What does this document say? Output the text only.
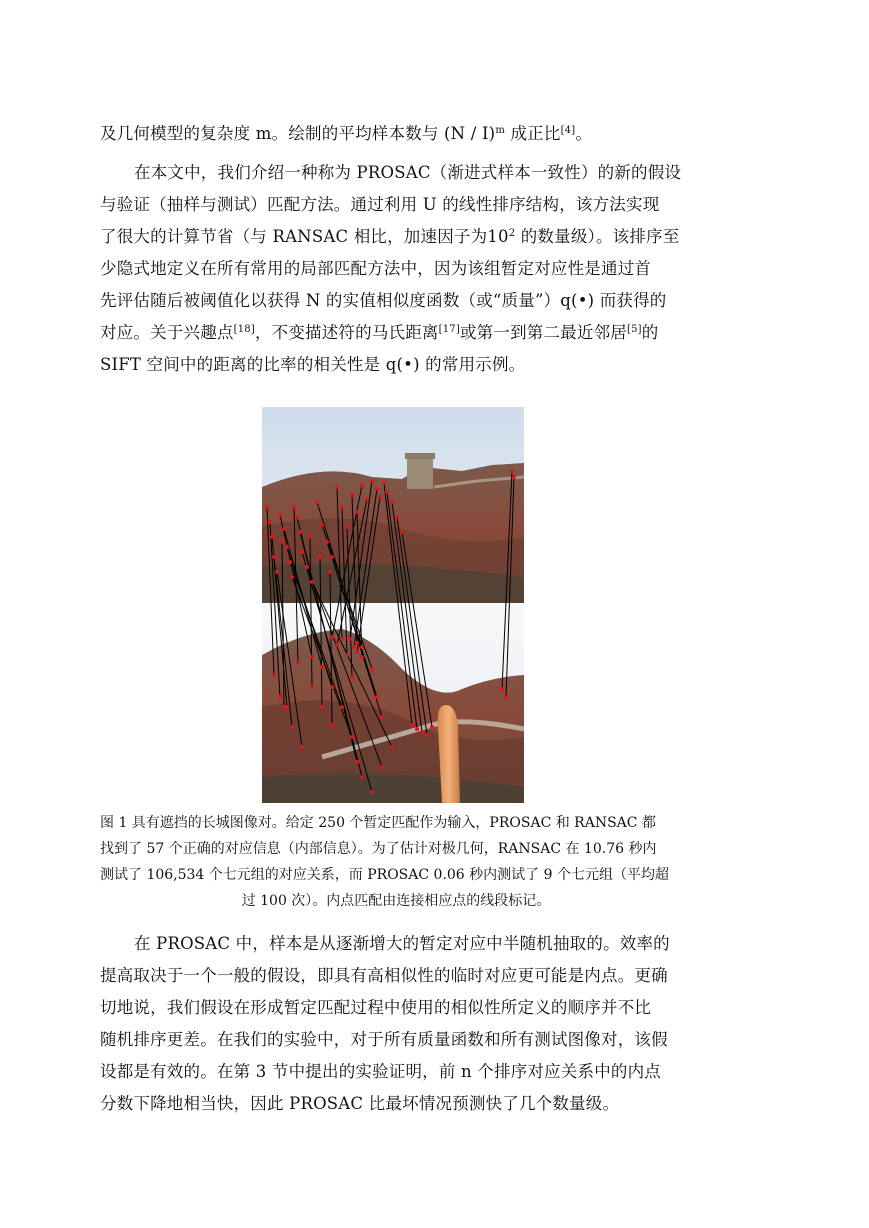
及几何模型的复杂度 m。绘制的平均样本数与 (N / I)$^m$ 成正比[4]。
在本文中，我们介绍一种称为 PROSAC（渐进式样本一致性）的新的假设
与验证（抽样与测试）匹配方法。通过利用 U 的线性排序结构，该方法实现
了很大的计算节省（与 RANSAC 相比，加速因子为$10^2$ 的数量级）。该排序至
少隐式地定义在所有常用的局部匹配方法中，因为该组暂定对应性是通过首
先评估随后被阈值化以获得 N 的实值相似度函数（或“质量”）q(•) 而获得的
对应。关于兴趣点[18]，不变描述符的马氏距离[17]或第一到第二最近邻居[5]的
SIFT 空间中的距离的比率的相关性是 q(•) 的常用示例。
图 1 具有遮挡的长城图像对。给定 250 个暂定匹配作为输入，PROSAC 和 RANSAC 都
找到了 57 个正确的对应信息（内部信息）。为了估计对极几何，RANSAC 在 10.76 秒内
测试了 106,534 个七元组的对应关系，而 PROSAC 0.06 秒内测试了 9 个七元组（平均超
过 100 次）。内点匹配由连接相应点的线段标记。
在 PROSAC 中，样本是从逐渐增大的暂定对应中半随机抽取的。效率的
提高取决于一个一般的假设，即具有高相似性的临时对应更可能是内点。更确
切地说，我们假设在形成暂定匹配过程中使用的相似性所定义的顺序并不比
随机排序更差。在我们的实验中，对于所有质量函数和所有测试图像对，该假
设都是有效的。在第 3 节中提出的实验证明，前 n 个排序对应关系中的内点
分数下降地相当快，因此 PROSAC 比最坏情况预测快了几个数量级。
